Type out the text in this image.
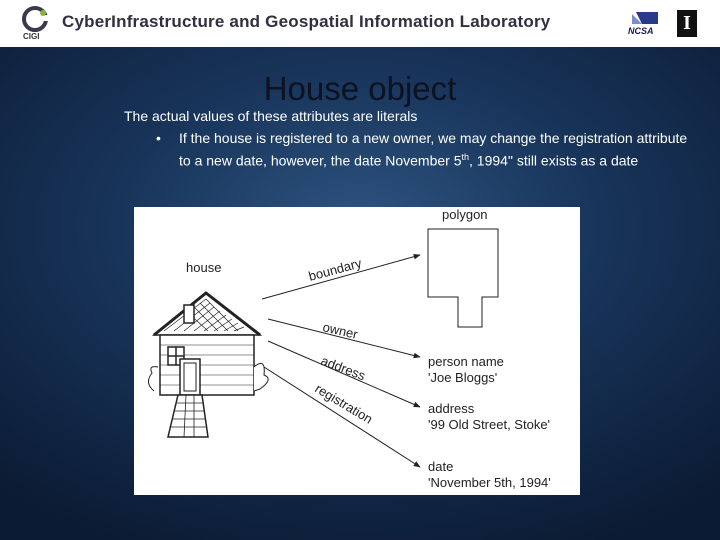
CIGI
CyberInfrastructure and Geospatial Information Laboratory	NCSA	I
House object
The actual values of these attributes are literals
• If the house is registered to a new owner, we may change the registration attribute to a new date, however, the date November 5th, 1994" still exists as a date
boundary
owner
address
registration
house
polygon
person name
'Joe Bloggs'
address
'99 Old Street, Stoke'
date
'November 5th, 1994'
